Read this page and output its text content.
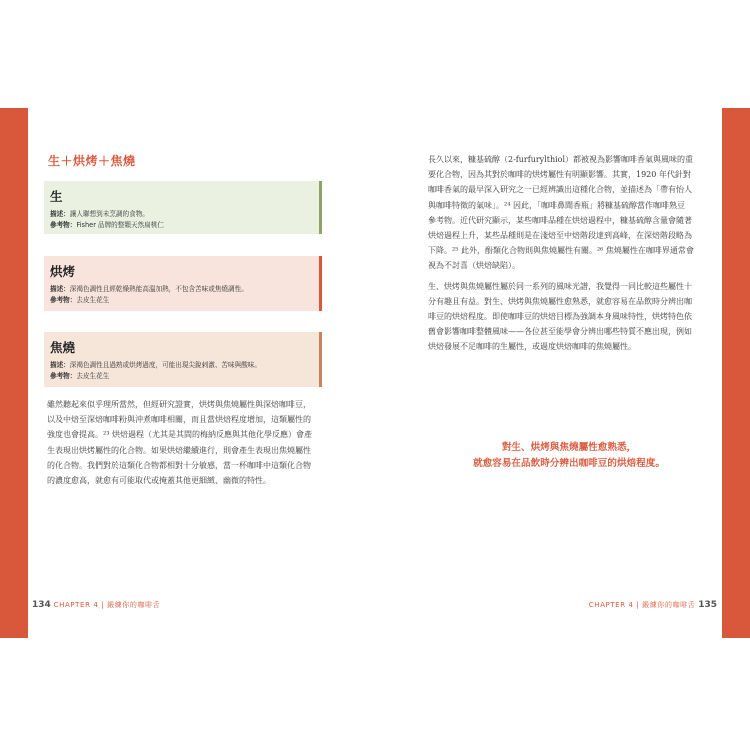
生＋烘烤＋焦燒
生
描述：讓人聯想到未烹調的食物。
參考物：Fisher 品牌的整顆天然扁桃仁
烘烤
描述：深褐色調性且經乾燥熱能高溫加熱，不包含苦味或焦燒調性。
參考物：去皮生花生
焦燒
描述：深褐色調性且過熟或烘烤過度，可能出現尖銳刺激、苦味與酸味。
參考物：去皮生花生
雖然聽起來似乎理所當然，但經研究證實，烘烤與焦燒屬性與深焙咖啡豆，
以及中焙至深焙咖啡粉與沖煮咖啡相關，而且當烘焙程度增加，這類屬性的
強度也會提高。²³ 烘焙過程（尤其是其間的梅納反應與其他化學反應）會產
生表現出烘烤屬性的化合物。如果烘焙繼續進行，則會產生表現出焦燒屬性
的化合物。我們對於這類化合物都相對十分敏感，當一杯咖啡中這類化合物
的濃度愈高，就愈有可能取代或掩蓋其他更細緻、幽微的特性。
長久以來，糠基硫醇（2-furfurylthiol）都被視為影響咖啡香氣與風味的重
要化合物，因為其對於咖啡的烘烤屬性有明顯影響。其實，1920 年代針對
咖啡香氣的最早深入研究之一已經辨識出這種化合物，並描述為「帶有怡人
與咖啡特徵的氣味」。²⁴ 因此，「咖啡鼻聞香瓶」將糠基硫醇當作咖啡熟豆
參考物。近代研究顯示，某些咖啡品種在烘焙過程中，糠基硫醇含量會隨著
烘焙過程上升，某些品種則是在淺焙至中焙階段達到高峰，在深焙階段略為
下降。²⁵ 此外，酚類化合物則與焦燒屬性有關。²⁶ 焦燒屬性在咖啡界通常會
視為不討喜（烘焙缺陷）。
生、烘烤與焦燒屬性屬於同一系列的風味光譜，我覺得一同比較這些屬性十
分有趣且有益。對生、烘烤與焦燒屬性愈熟悉，就愈容易在品飲時分辨出咖
啡豆的烘焙程度。即使咖啡豆的烘焙目標為強調本身風味特性，烘烤特色依
舊會影響咖啡整體風味——各位甚至能學會分辨出哪些特質不應出現，例如
烘焙發展不足咖啡的生屬性，或過度烘焙咖啡的焦燒屬性。
對生、烘烤與焦燒屬性愈熟悉，
就愈容易在品飲時分辨出咖啡豆的烘焙程度。
134 CHAPTER 4 | 鍛練你的咖啡舌	CHAPTER 4 | 鍛練你的咖啡舌 135
